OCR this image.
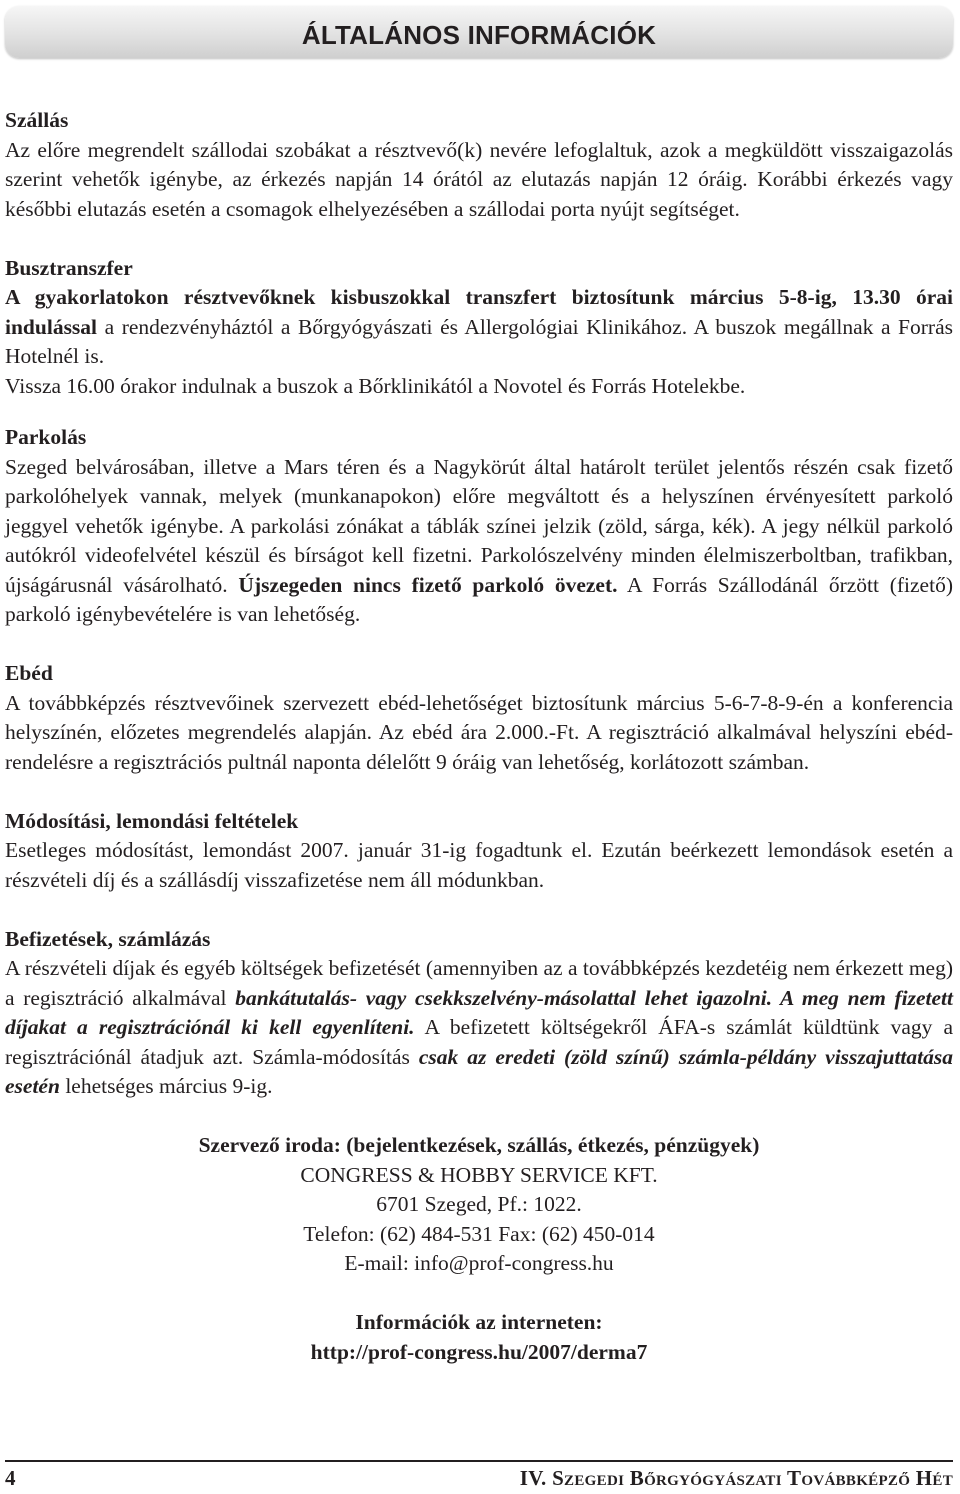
ÁLTALÁNOS INFORMÁCIÓK
Szállás

Az előre megrendelt szállodai szobákat a résztvevő(k) nevére lefoglaltuk, azok a megküldött visszaigazolás szerint vehetők igénybe, az érkezés napján 14 órától az elutazás napján 12 óráig. Korábbi érkezés vagy későbbi elutazás esetén a csomagok elhelyezésében a szállodai porta nyújt segítséget.

Busztranszfer

A gyakorlatokon résztvevőknek kisbuszokkal transzfert biztosítunk március 5-8-ig, 13.30 órai indulással a rendezvényháztól a Bőrgyógyászati és Allergológiai Klinikához. A buszok megállnak a Forrás Hotelnél is.

Vissza 16.00 órakor indulnak a buszok a Bőrklinikától a Novotel és Forrás Hotelekbe.

Parkolás

Szeged belvárosában, illetve a Mars téren és a Nagykörút által határolt terület jelentős részén csak fizető parkolóhelyek vannak, melyek (munkanapokon) előre megváltott és a helyszínen érvényesített parkoló jeggyel vehetők igénybe. A parkolási zónákat a táblák színei jelzik (zöld, sárga, kék). A jegy nélkül parkoló autókról videofelvétel készül és bírságot kell fizetni. Parkolószelvény minden élelmiszerboltban, trafikban, újságárusnál vásárolható. Újszegeden nincs fizető parkoló övezet. A Forrás Szállodánál őrzött (fizető) parkoló igénybevételére is van lehetőség.

Ebéd

A továbbképzés résztvevőinek szervezett ebéd-lehetőséget biztosítunk március 5-6-7-8-9-én a konferencia helyszínén, előzetes megrendelés alapján. Az ebéd ára 2.000.-Ft. A regisztráció alkalmával helyszíni ebéd-rendelésre a regisztrációs pultnál naponta délelőtt 9 óráig van lehetőség, korlátozott számban.

Módosítási, lemondási feltételek

Esetleges módosítást, lemondást 2007. január 31-ig fogadtunk el. Ezután beérkezett lemondások esetén a részvételi díj és a szállásdíj visszafizetése nem áll módunkban.

Befizetések, számlázás

A részvételi díjak és egyéb költségek befizetését (amennyiben az a továbbképzés kezdetéig nem érkezett meg) a regisztráció alkalmával bankátutalás- vagy csekkszelvény-másolattal lehet igazolni. A meg nem fizetett díjakat a regisztrációnál ki kell egyenlíteni. A befizetett költségekről ÁFA-s számlát küldtünk vagy a regisztrációnál átadjuk azt. Számla-módosítás csak az eredeti (zöld színű) számla-példány visszajuttatása esetén lehetséges március 9-ig.

Szervező iroda: (bejelentkezések, szállás, étkezés, pénzügyek)
CONGRESS & HOBBY SERVICE KFT.
6701 Szeged, Pf.: 1022.
Telefon: (62) 484-531 Fax: (62) 450-014
E-mail: info@prof-congress.hu
Információk az interneten:
http://prof-congress.hu/2007/derma7
4	IV. Szegedi Bőrgyógyászati Továbbképző Hét
